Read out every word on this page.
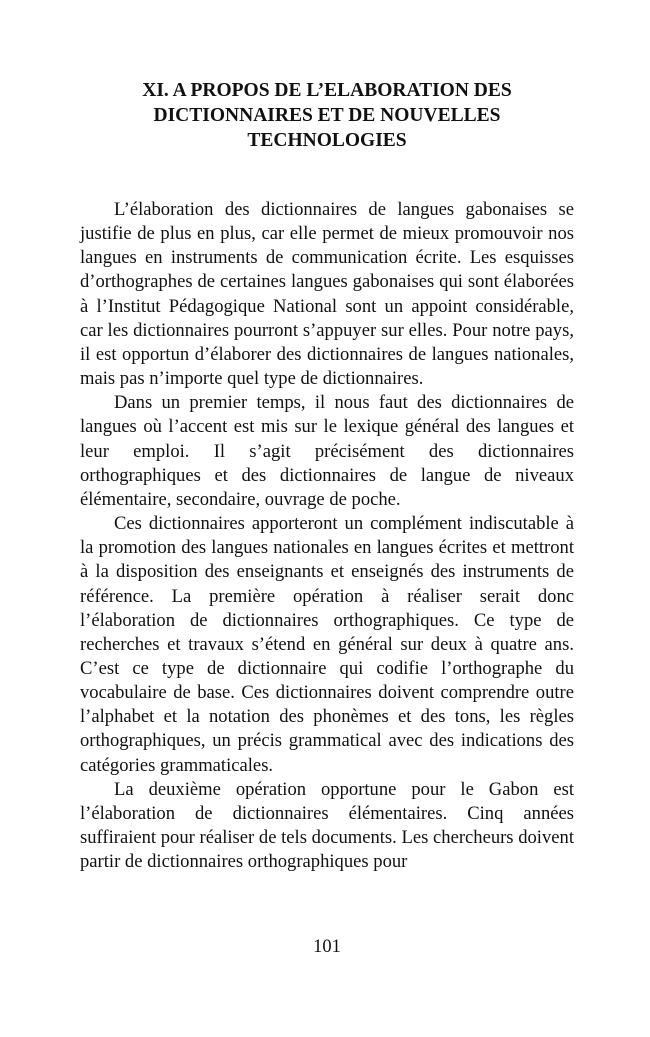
XI. A PROPOS DE L’ELABORATION DES
DICTIONNAIRES ET DE NOUVELLES
TECHNOLOGIES

L’élaboration des dictionnaires de langues gabonaises se justifie de plus en plus, car elle permet de mieux promouvoir nos langues en instruments de communication écrite. Les esquisses d’orthographes de certaines langues gabonaises qui sont élaborées à l’Institut Pédagogique National sont un appoint considérable, car les dictionnaires pourront s’appuyer sur elles. Pour notre pays, il est opportun d’élaborer des dictionnaires de langues nationales, mais pas n’importe quel type de dictionnaires.

Dans un premier temps, il nous faut des dictionnaires de langues où l’accent est mis sur le lexique général des langues et leur emploi. Il s’agit précisément des dictionnaires orthographiques et des dictionnaires de langue de niveaux élémentaire, secondaire, ouvrage de poche.

Ces dictionnaires apporteront un complément indiscutable à la promotion des langues nationales en langues écrites et mettront à la disposition des enseignants et enseignés des instruments de référence. La première opération à réaliser serait donc l’élaboration de dictionnaires orthographiques. Ce type de recherches et travaux s’étend en général sur deux à quatre ans. C’est ce type de dictionnaire qui codifie l’orthographe du vocabulaire de base. Ces dictionnaires doivent comprendre outre l’alphabet et la notation des phonèmes et des tons, les règles orthographiques, un précis grammatical avec des indications des catégories grammaticales.

La deuxième opération opportune pour le Gabon est l’élaboration de dictionnaires élémentaires. Cinq années suffiraient pour réaliser de tels documents. Les chercheurs doivent partir de dictionnaires orthographiques pour

101
